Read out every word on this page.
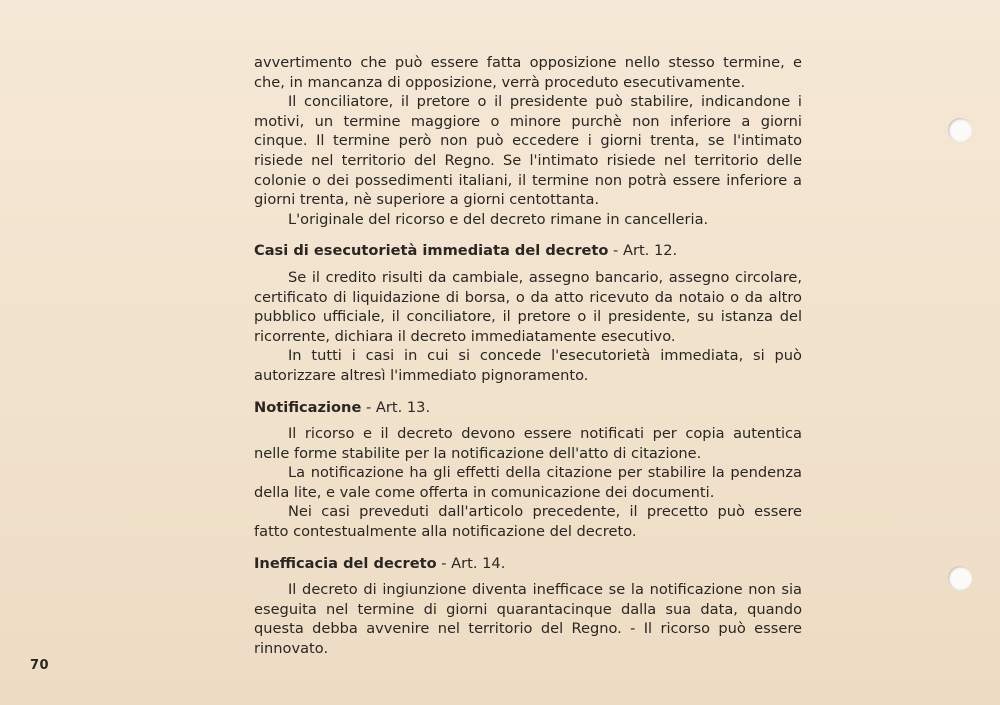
avvertimento che può essere fatta opposizione nello stesso termine, e che, in mancanza di opposizione, verrà proceduto esecutivamente.

Il conciliatore, il pretore o il presidente può stabilire, indicandone i motivi, un termine maggiore o minore purchè non inferiore a giorni cinque. Il termine però non può eccedere i giorni trenta, se l'intimato risiede nel territorio del Regno. Se l'intimato risiede nel territorio delle colonie o dei possedimenti italiani, il termine non potrà essere inferiore a giorni trenta, nè superiore a giorni centottanta.

L'originale del ricorso e del decreto rimane in cancelleria.

Casi di esecutorietà immediata del decreto - Art. 12.

Se il credito risulti da cambiale, assegno bancario, assegno circolare, certificato di liquidazione di borsa, o da atto ricevuto da notaio o da altro pubblico ufficiale, il conciliatore, il pretore o il presidente, su istanza del ricorrente, dichiara il decreto immediatamente esecutivo.

In tutti i casi in cui si concede l'esecutorietà immediata, si può autorizzare altresì l'immediato pignoramento.

Notificazione - Art. 13.

Il ricorso e il decreto devono essere notificati per copia autentica nelle forme stabilite per la notificazione dell'atto di citazione.

La notificazione ha gli effetti della citazione per stabilire la pendenza della lite, e vale come offerta in comunicazione dei documenti.

Nei casi preveduti dall'articolo precedente, il precetto può essere fatto contestualmente alla notificazione del decreto.

Inefficacia del decreto - Art. 14.

Il decreto di ingiunzione diventa inefficace se la notificazione non sia eseguita nel termine di giorni quarantacinque dalla sua data, quando questa debba avvenire nel territorio del Regno. - Il ricorso può essere rinnovato.

70
